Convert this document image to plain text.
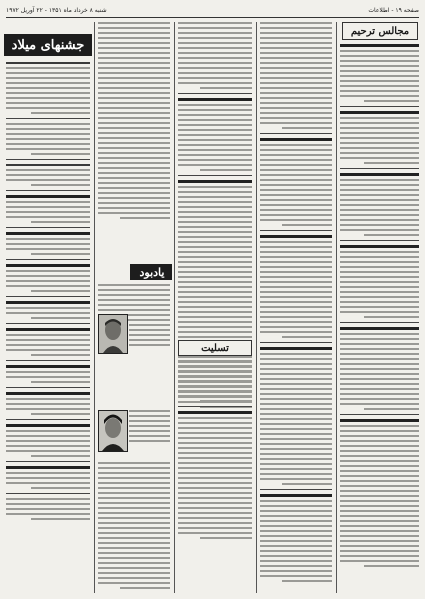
صفحه ۱۹ - اطلاعات
شنبه ۸ خرداد ماه ۱۳۵۱ - ۲۲ آوریل ۱۹۷۲
جشنهای میلاد
یادبود
تسلیت
مجالس ترحیم
